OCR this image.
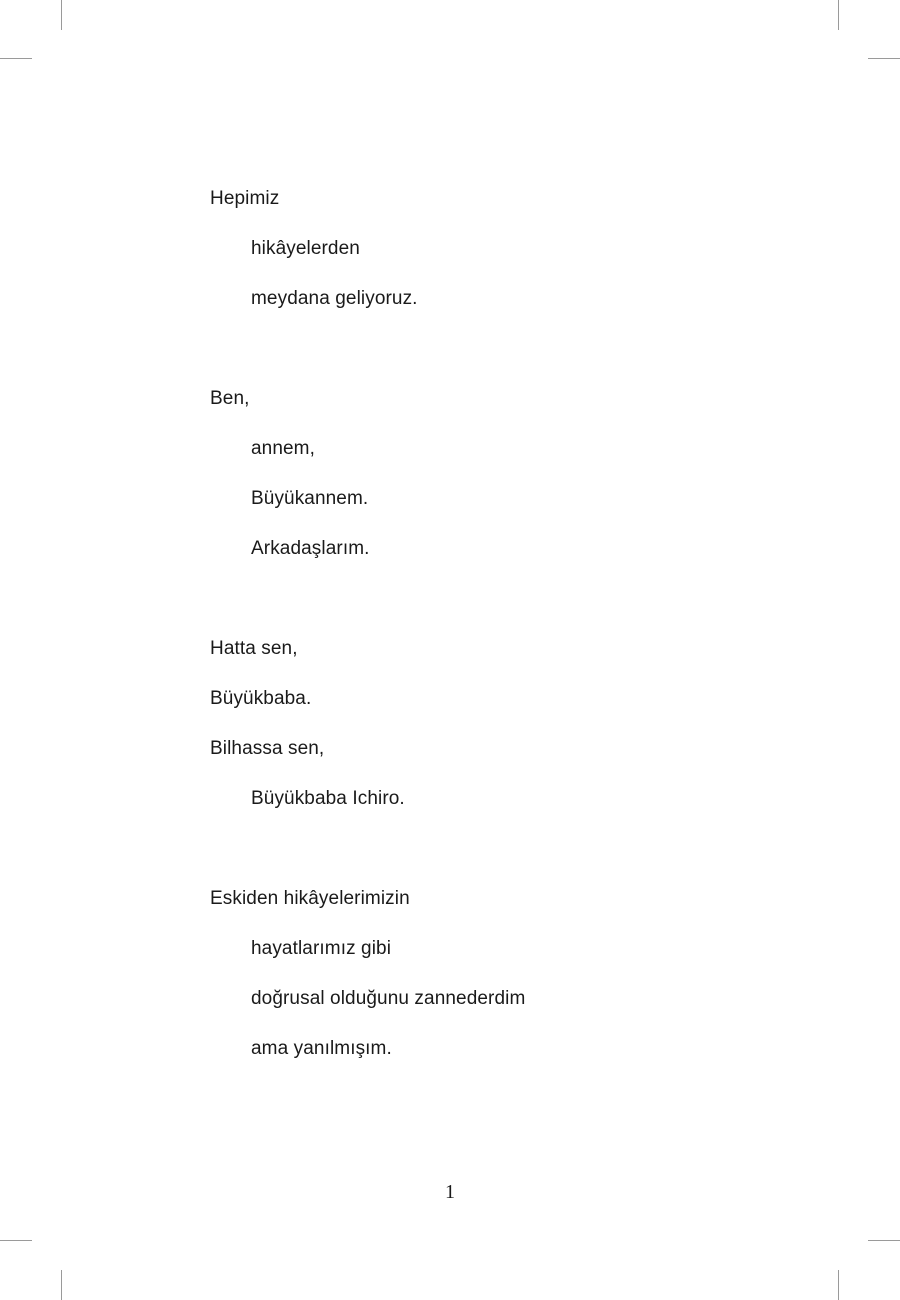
Hepimiz
hikâyelerden
meydana geliyoruz.
Ben,
annem,
Büyükannem.
Arkadaşlarım.
Hatta sen,
Büyükbaba.
Bilhassa sen,
Büyükbaba Ichiro.
Eskiden hikâyelerimizin
hayatlarımız gibi
doğrusal olduğunu zannederdim
ama yanılmışım.
1
